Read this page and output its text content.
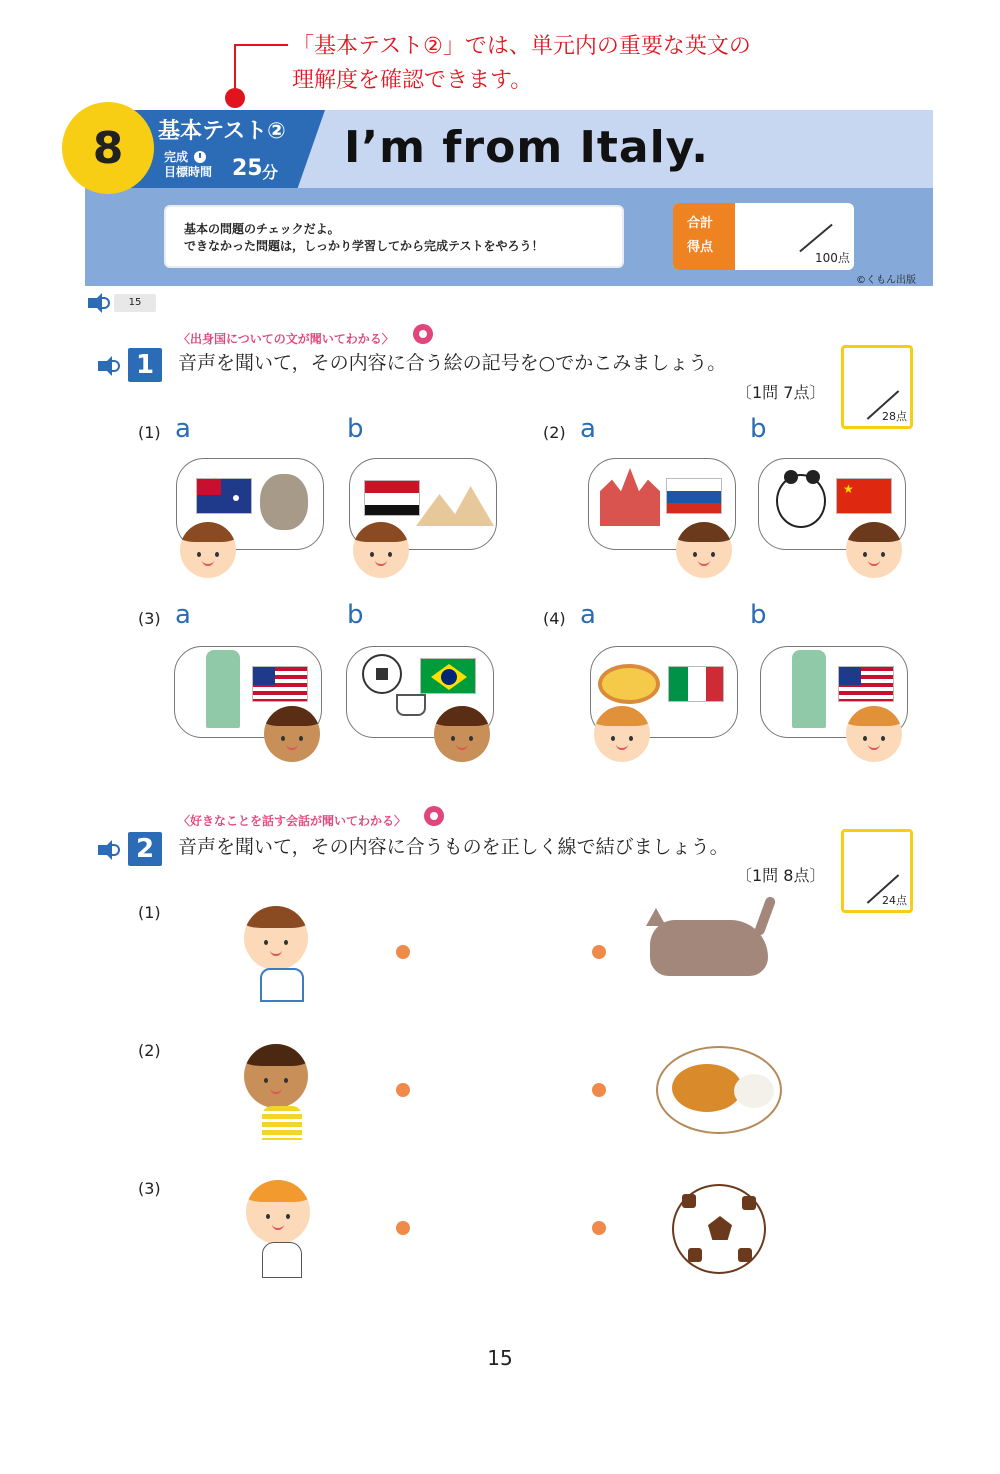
「基本テスト②」では、単元内の重要な英文の
理解度を確認できます。
8	基本テスト②
完成
目標時間 25 分 I’m from Italy.
基本の問題のチェックだよ。
できなかった問題は，しっかり学習してから完成テストをやろう！
合計
得点
100点
©くもん出版
15
〈出身国についての文が聞いてわかる〉
1	音声を聞いて，その内容に合う絵の記号を○でかこみましょう。
〔1問 7点〕
28点
(1) a	b	(2) a	b
★
(3) a	b	(4) a	b
〈好きなことを話す会話が聞いてわかる〉
2	音声を聞いて，その内容に合うものを正しく線で結びましょう。
〔1問 8点〕
24点
(1)
(2)
(3)
15
